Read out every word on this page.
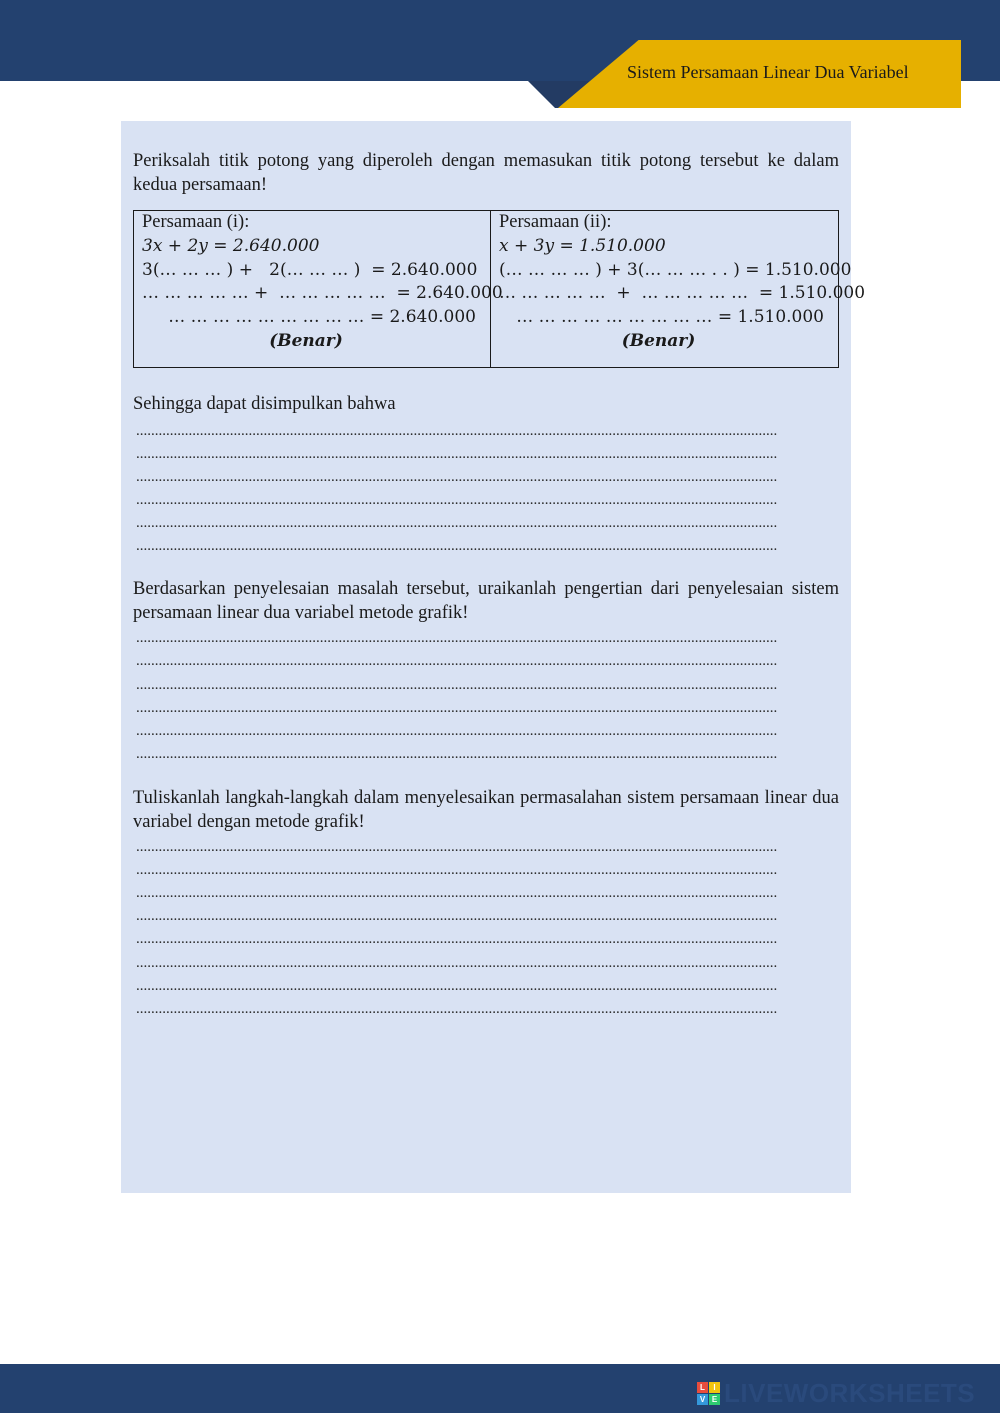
Sistem Persamaan Linear Dua Variabel
Periksalah titik potong yang diperoleh dengan memasukan titik potong tersebut ke dalam kedua persamaan!
Persamaan (i):
3x + 2y = 2.640.000
3(… … … ) +   2(… … … )  = 2.640.000
… … … … … +  … … … … …  = 2.640.000
… … … … … … … … … = 2.640.000
(Benar)
Persamaan (ii):
x + 3y = 1.510.000
(… … … … ) + 3(… … … . . ) = 1.510.000
… … … … …  +  … … … … …  = 1.510.000
… … … … … … … … … = 1.510.000
(Benar)
Sehingga dapat disimpulkan bahwa
...........................................................................................................................................................................
...........................................................................................................................................................................
...........................................................................................................................................................................
...........................................................................................................................................................................
...........................................................................................................................................................................
...........................................................................................................................................................................
Berdasarkan penyelesaian masalah tersebut, uraikanlah pengertian dari penyelesaian sistem persamaan linear dua variabel metode grafik!
...........................................................................................................................................................................
...........................................................................................................................................................................
...........................................................................................................................................................................
...........................................................................................................................................................................
...........................................................................................................................................................................
...........................................................................................................................................................................
Tuliskanlah langkah-langkah dalam menyelesaikan permasalahan sistem persamaan linear dua variabel dengan metode grafik!
...........................................................................................................................................................................
...........................................................................................................................................................................
...........................................................................................................................................................................
...........................................................................................................................................................................
...........................................................................................................................................................................
...........................................................................................................................................................................
...........................................................................................................................................................................
...........................................................................................................................................................................
L	I
V E LIVEWORKSHEETS
